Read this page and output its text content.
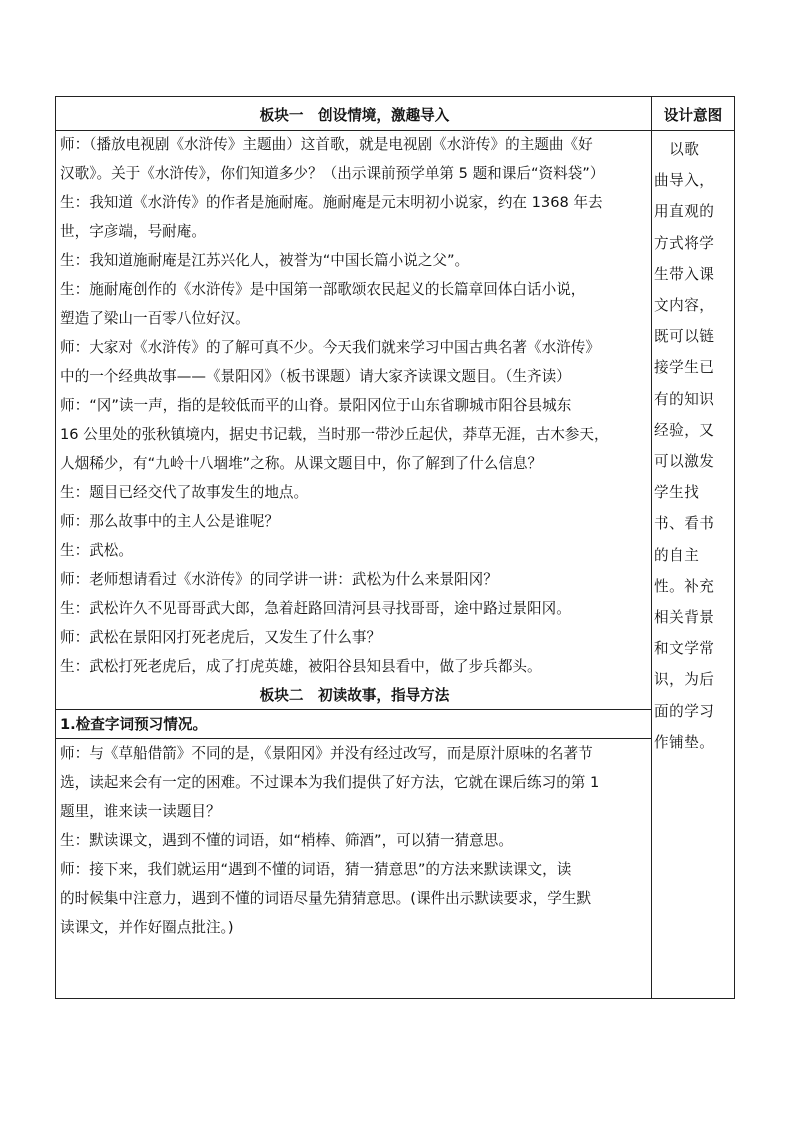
板块一　创设情境，激趣导入
师：（播放电视剧《水浒传》主题曲）这首歌，就是电视剧《水浒传》的主题曲《好
汉歌》。关于《水浒传》，你们知道多少？（出示课前预学单第 5 题和课后“资料袋”）
生：我知道《水浒传》的作者是施耐庵。施耐庵是元末明初小说家，约在 1368 年去
世，字彦端，号耐庵。
生：我知道施耐庵是江苏兴化人，被誉为“中国长篇小说之父”。
生：施耐庵创作的《水浒传》是中国第一部歌颂农民起义的长篇章回体白话小说，
塑造了梁山一百零八位好汉。
师：大家对《水浒传》的了解可真不少。今天我们就来学习中国古典名著《水浒传》
中的一个经典故事——《景阳冈》（板书课题）请大家齐读课文题目。（生齐读）
师：“冈”读一声，指的是较低而平的山脊。景阳冈位于山东省聊城市阳谷县城东
16 公里处的张秋镇境内，据史书记载，当时那一带沙丘起伏，莽草无涯，古木参天，
人烟稀少，有“九岭十八堌堆”之称。从课文题目中，你了解到了什么信息？
生：题目已经交代了故事发生的地点。
师：那么故事中的主人公是谁呢？
生：武松。
师：老师想请看过《水浒传》的同学讲一讲：武松为什么来景阳冈？
生：武松许久不见哥哥武大郎，急着赶路回清河县寻找哥哥，途中路过景阳冈。
师：武松在景阳冈打死老虎后，又发生了什么事？
生：武松打死老虎后，成了打虎英雄，被阳谷县知县看中，做了步兵都头。
板块二　初读故事，指导方法
1.检查字词预习情况。
师：与《草船借箭》不同的是，《景阳冈》并没有经过改写，而是原汁原味的名著节
选，读起来会有一定的困难。不过课本为我们提供了好方法，它就在课后练习的第 1
题里，谁来读一读题目？
生：默读课文，遇到不懂的词语，如“梢棒、筛酒”，可以猜一猜意思。
师：接下来，我们就运用“遇到不懂的词语，猜一猜意思”的方法来默读课文，读
的时候集中注意力，遇到不懂的词语尽量先猜猜意思。(课件出示默读要求，学生默
读课文，并作好圈点批注。)
设计意图
　以歌
曲导入，
用直观的
方式将学
生带入课
文内容，
既可以链
接学生已
有的知识
经验，又
可以激发
学生找
书、看书
的自主
性。补充
相关背景
和文学常
识，为后
面的学习
作铺垫。
